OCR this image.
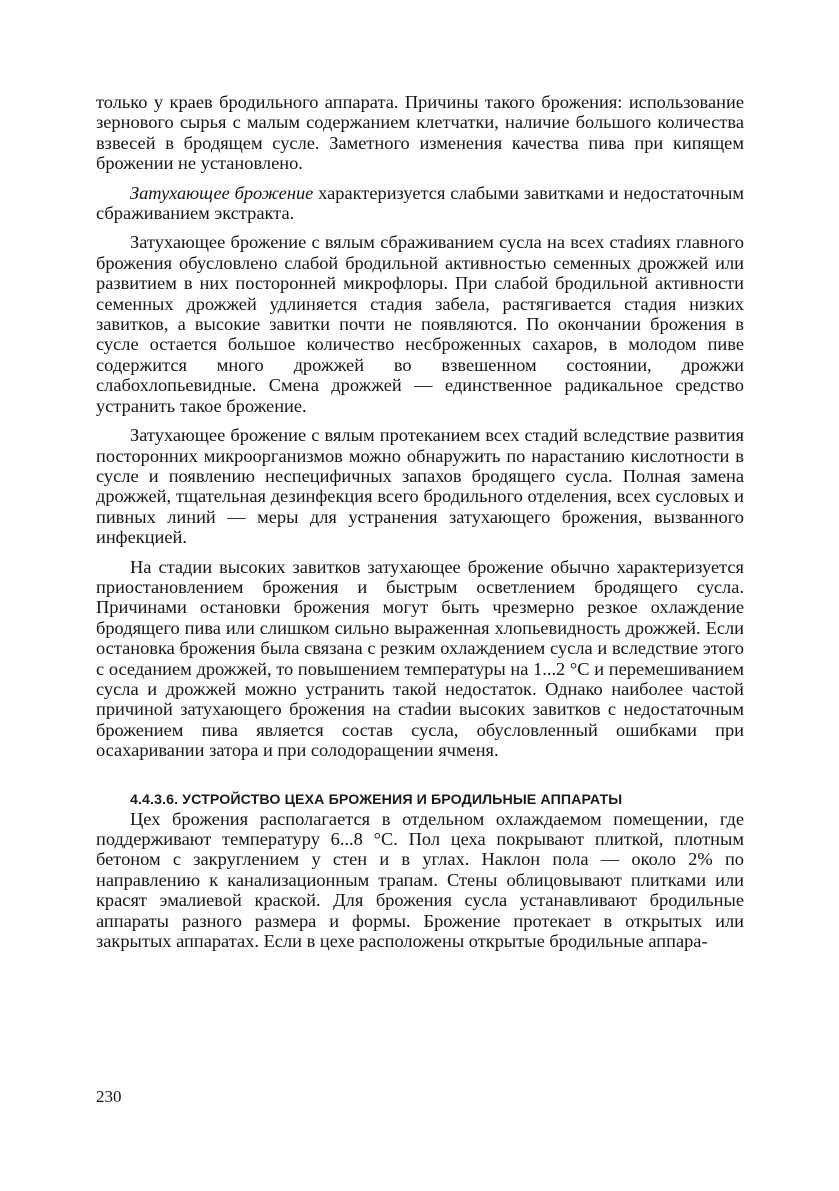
только у краев бродильного аппарата. Причины такого брожения: использование зернового сырья с малым содержанием клетчатки, наличие большого количества взвесей в бродящем сусле. Заметного изменения качества пива при кипящем брожении не установлено.

Затухающее брожение характеризуется слабыми завитками и недостаточным сбраживанием экстракта.

Затухающее брожение с вялым сбраживанием сусла на всех стаdиях главного брожения обусловлено слабой бродильной активностью семенных дрожжей или развитием в них посторонней микрофлоры. При слабой бродильной активности семенных дрожжей удлиняется стадия забела, растягивается стадия низких завитков, а высокие завитки почти не появляются. По окончании брожения в сусле остается большое количество несброженных сахаров, в молодом пиве содержится много дрожжей во взвешенном состоянии, дрожжи слабохлопьевидные. Смена дрожжей — единственное радикальное средство устранить такое брожение.

Затухающее брожение с вялым протеканием всех стадий вследствие развития посторонних микроорганизмов можно обнаружить по нарастанию кислотности в сусле и появлению неспецифичных запахов бродящего сусла. Полная замена дрожжей, тщательная дезинфекция всего бродильного отделения, всех сусловых и пивных линий — меры для устранения затухающего брожения, вызванного инфекцией.

На стадии высоких завитков затухающее брожение обычно характеризуется приостановлением брожения и быстрым осветлением бродящего сусла. Причинами остановки брожения могут быть чрезмерно резкое охлаждение бродящего пива или слишком сильно выраженная хлопьевидность дрожжей. Если остановка брожения была связана с резким охлаждением сусла и вследствие этого с оседанием дрожжей, то повышением температуры на 1...2 °С и перемешиванием сусла и дрожжей можно устранить такой недостаток. Однако наиболее частой причиной затухающего брожения на стаdии высоких завитков с недостаточным брожением пива является состав сусла, обусловленный ошибками при осахаривании затора и при солодоращении ячменя.

4.4.3.6. УСТРОЙСТВО ЦЕХА БРОЖЕНИЯ И БРОДИЛЬНЫЕ АППАРАТЫ

Цех брожения располагается в отдельном охлаждаемом помещении, где поддерживают температуру 6...8 °С. Пол цеха покрывают плиткой, плотным бетоном с закруглением у стен и в углах. Наклон пола — около 2% по направлению к канализационным трапам. Стены облицовывают плитками или красят эмалиевой краской. Для брожения сусла устанавливают бродильные аппараты разного размера и формы. Брожение протекает в открытых или закрытых аппаратах. Если в цехе расположены открытые бродильные аппара-

230
